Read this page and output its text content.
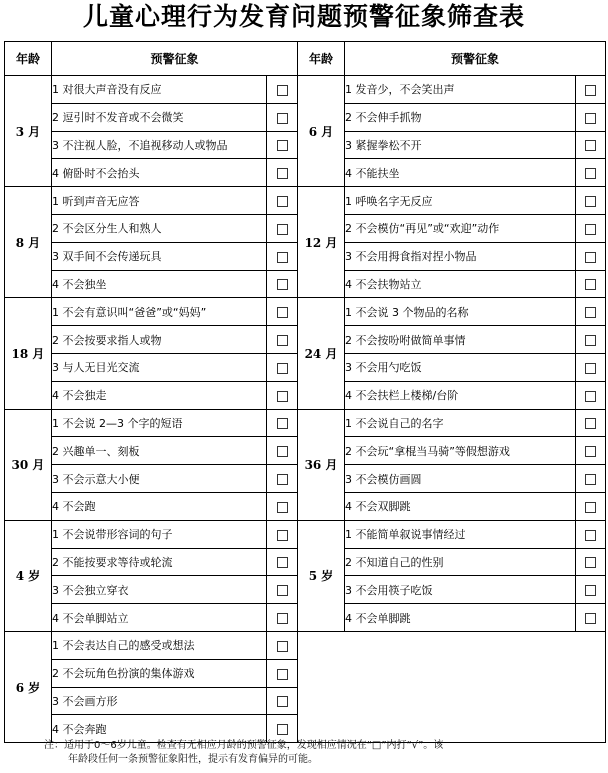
儿童心理行为发育问题预警征象筛查表
年龄	预警征象		年龄	预警征象	
3 月	1 对很大声音没有反应		6 月	1 发音少，不会笑出声	
	2 逗引时不发音或不会微笑			2 不会伸手抓物	
	3 不注视人脸，不追视移动人或物品			3 紧握拳松不开	
	4 俯卧时不会抬头			4 不能扶坐	
8 月	1 听到声音无应答		12 月	1 呼唤名字无反应	
	2 不会区分生人和熟人			2 不会模仿“再见”或“欢迎”动作	
	3 双手间不会传递玩具			3 不会用拇食指对捏小物品	
	4 不会独坐			4 不会扶物站立	
18 月	1 不会有意识叫“爸爸”或“妈妈”		24 月	1 不会说 3 个物品的名称	
	2 不会按要求指人或物			2 不会按吩咐做简单事情	
	3 与人无目光交流			3 不会用勺吃饭	
	4 不会独走			4 不会扶栏上楼梯/台阶	
30 月	1 不会说 2—3 个字的短语		36 月	1 不会说自己的名字	
	2 兴趣单一、刻板			2 不会玩“拿棍当马骑”等假想游戏	
	3 不会示意大小便			3 不会模仿画圆	
	4 不会跑			4 不会双脚跳	
4 岁	1 不会说带形容词的句子		5 岁	1 不能简单叙说事情经过	
	2 不能按要求等待或轮流			2 不知道自己的性别	
	3 不会独立穿衣			3 不会用筷子吃饭	
	4 不会单脚站立			4 不会单脚跳	
6 岁	1 不会表达自己的感受或想法				
	2 不会玩角色扮演的集体游戏				
	3 不会画方形				
	4 不会奔跑				
注：适用于0～6岁儿童。检查有无相应月龄的预警征象，发现相应情况在“□”内打“√”。该
年龄段任何一条预警征象阳性，提示有发育偏异的可能。
